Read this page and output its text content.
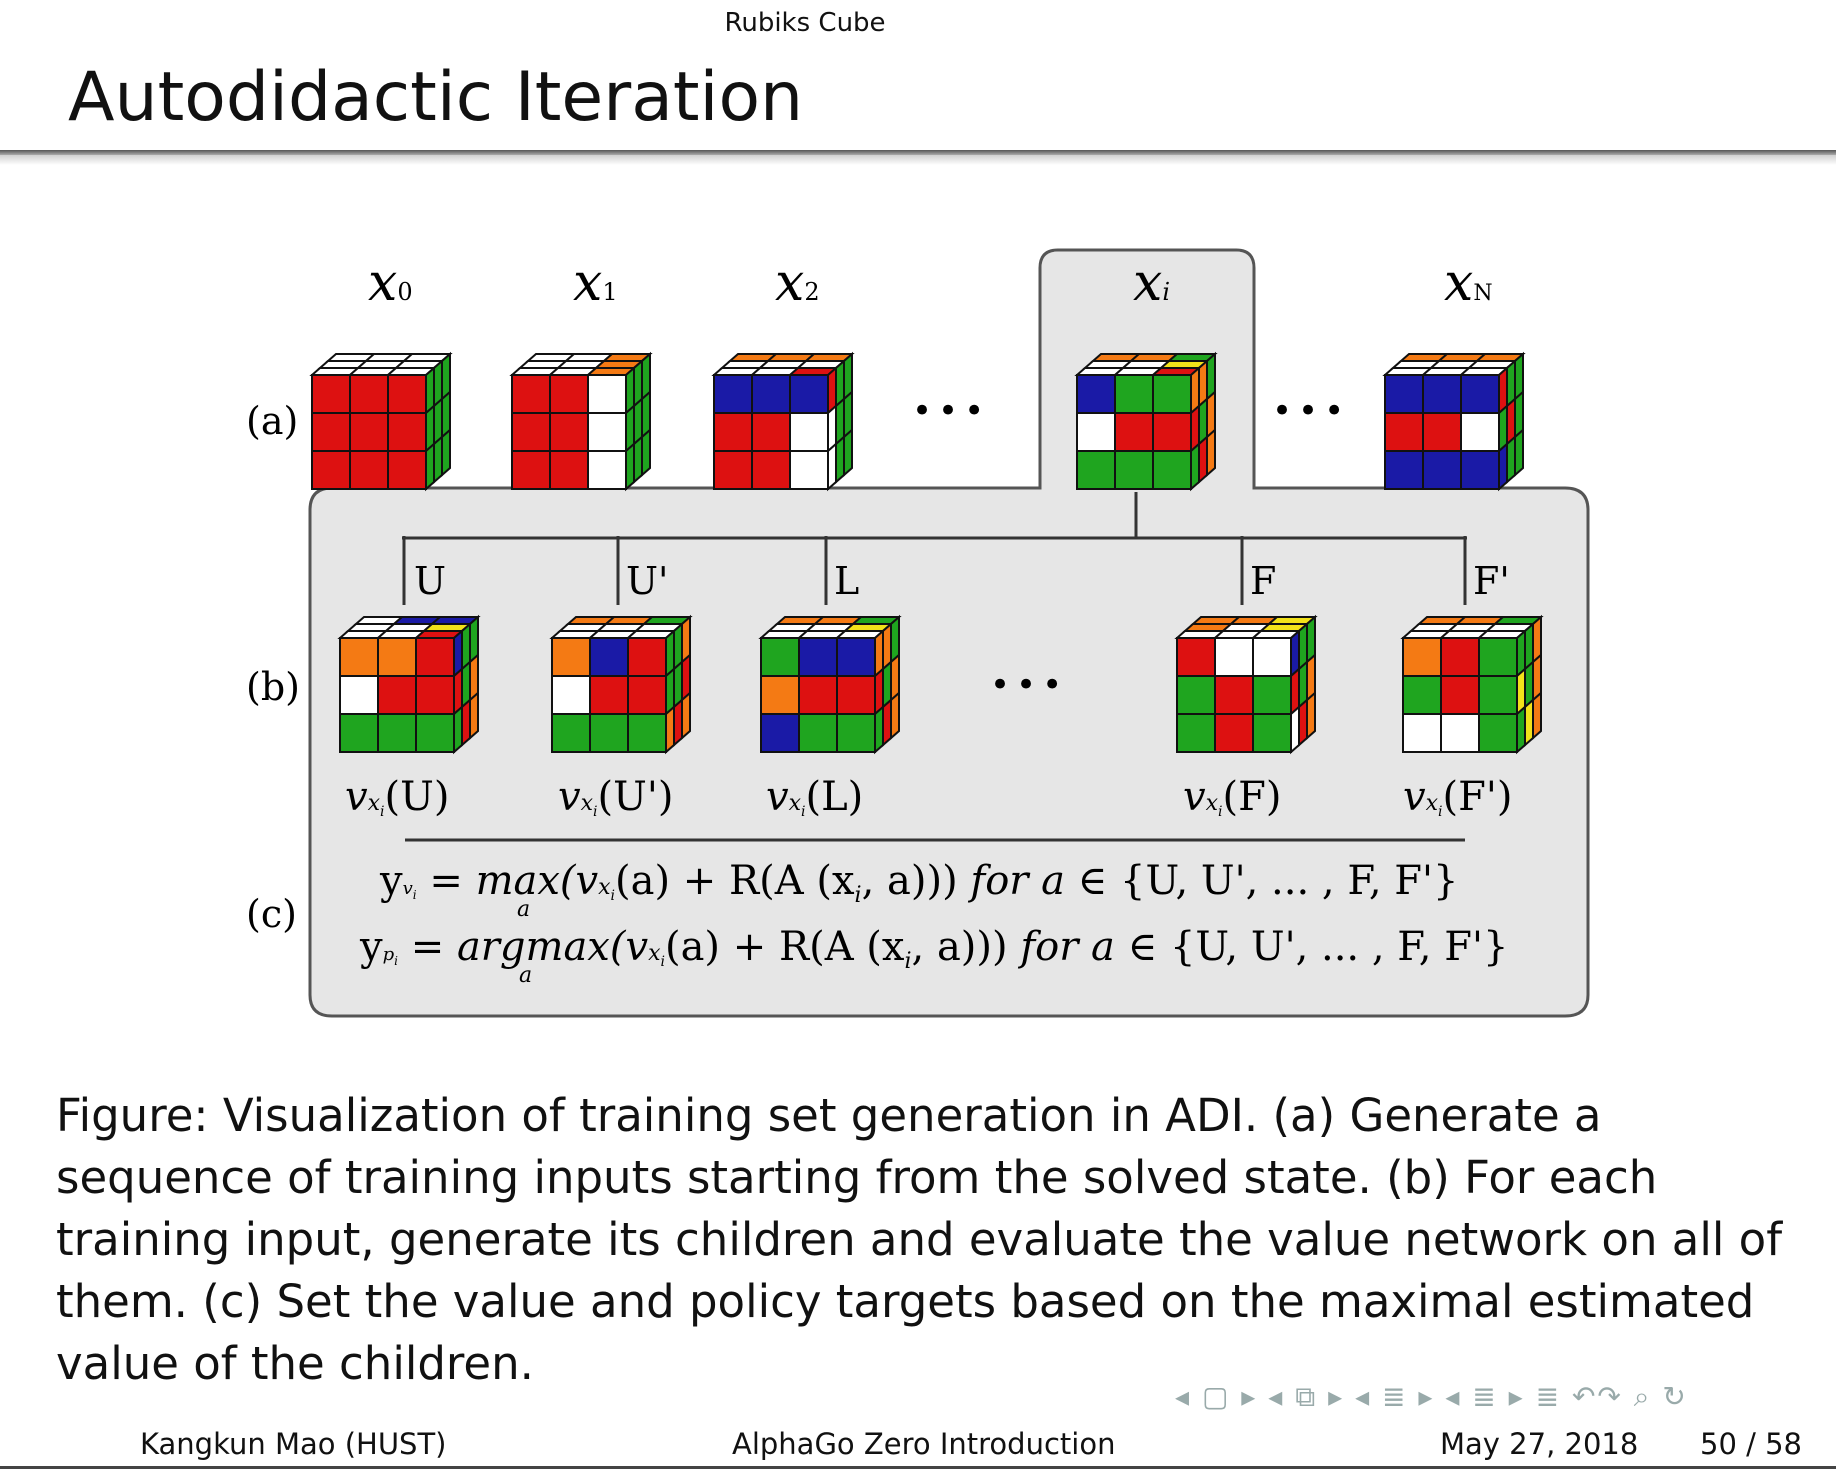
Rubiks Cube
Autodidactic Iteration
(a)
(b)
(c)
x0	x1	x2	xi	xN
•••	•••
•••
U	U'	L	F	F'
vxi(U)	vxi(U') vxi(L)	vxi(F)	vxi(F')
yvi = max(vxi(a) + R(A ($x_i$, a))) for a ∈ {U, U', ... , F, F'}
a
ypi = argmax(vxi(a) + R(A ($x_i$, a))) for a ∈ {U, U', ... , F, F'}
a

Figure: Visualization of training set generation in ADI. (a) Generate a sequence of training inputs starting from the solved state. (b) For each training input, generate its children and evaluate the value network on all of them. (c) Set the value and policy targets based on the maximal estimated value of the children.

◂ ▢ ▸ ◂ ⧉ ▸ ◂ ≣ ▸ ◂ ≣ ▸ ≣ ↶↷ ⌕ ↻
Kangkun Mao (HUST)	AlphaGo Zero Introduction	May 27, 2018 50 / 58
